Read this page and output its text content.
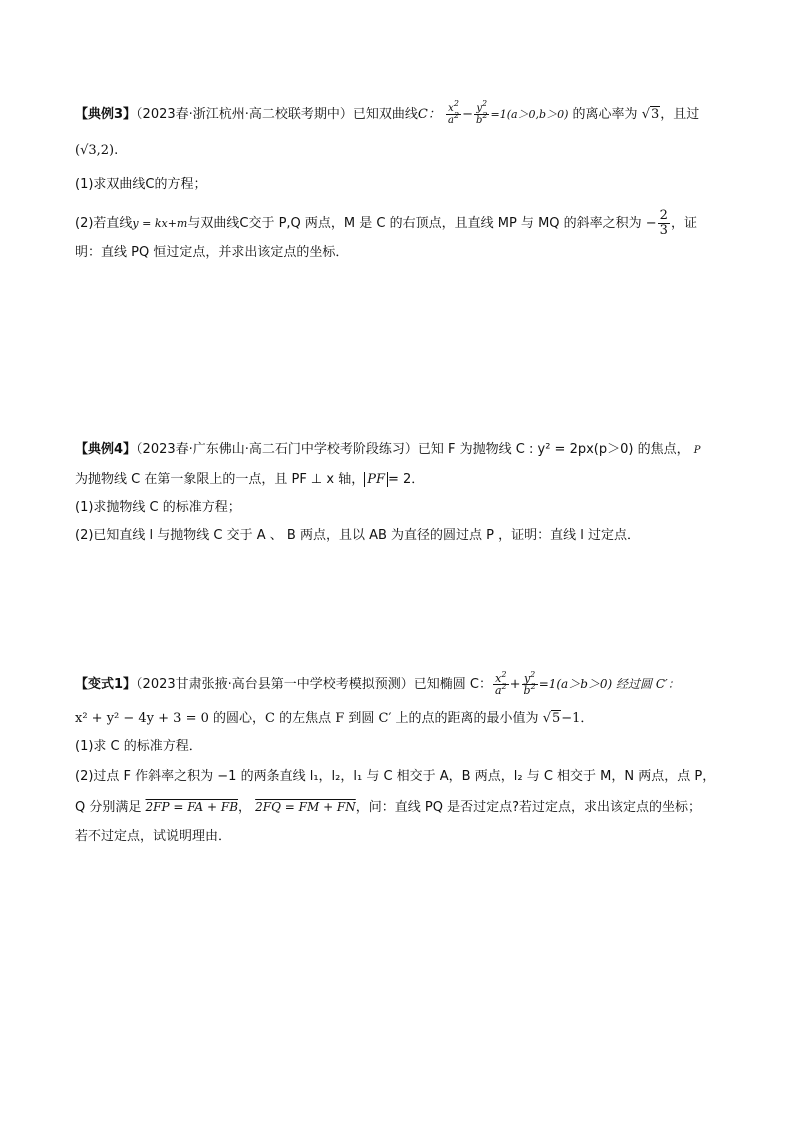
【典例3】（2023春·浙江杭州·高二校联考期中）已知双曲线C： $\frac{x^2}{a^2} - \frac{y^2}{b^2} =1(a>0,b>0)$ 的离心率为 √3，且过
(√3,2).
(1)求双曲线C的方程；
(2)若直线y = kx+m与双曲线C交于 P,Q 两点，M 是 C 的右顶点，且直线 MP 与 MQ 的斜率之积为 − $\frac{2}{3}$ ，证
明：直线 PQ 恒过定点，并求出该定点的坐标．
【典例4】（2023春·广东佛山·高二石门中学校考阶段练习）已知 F 为抛物线 C : y² = 2px(p＞0) 的焦点， P
为抛物线 C 在第一象限上的一点，且 PF ⊥ x 轴， PF = 2．
(1)求抛物线 C 的标准方程；
(2)已知直线 l 与抛物线 C 交于 A 、 B 两点，且以 AB 为直径的圆过点 P ，证明：直线 l 过定点．
【变式1】（2023甘肃张掖·高台县第一中学校考模拟预测）已知椭圆 C： $\frac{x^2}{a^2} + \frac{y^2}{b^2} =1(a>b>0)$ 经过圆 C′：
x² + y² − 4y + 3 = 0 的圆心，C 的左焦点 F 到圆 C′ 上的点的距离的最小值为 √5−1．
(1)求 C 的标准方程．
(2)过点 F 作斜率之积为 −1 的两条直线 l₁，l₂，l₁ 与 C 相交于 A，B 两点，l₂ 与 C 相交于 M，N 两点，点 P，
Q 分别满足 2FP = FA + FB， 2FQ = FM + FN，问：直线 PQ 是否过定点?若过定点，求出该定点的坐标；
若不过定点，试说明理由．
